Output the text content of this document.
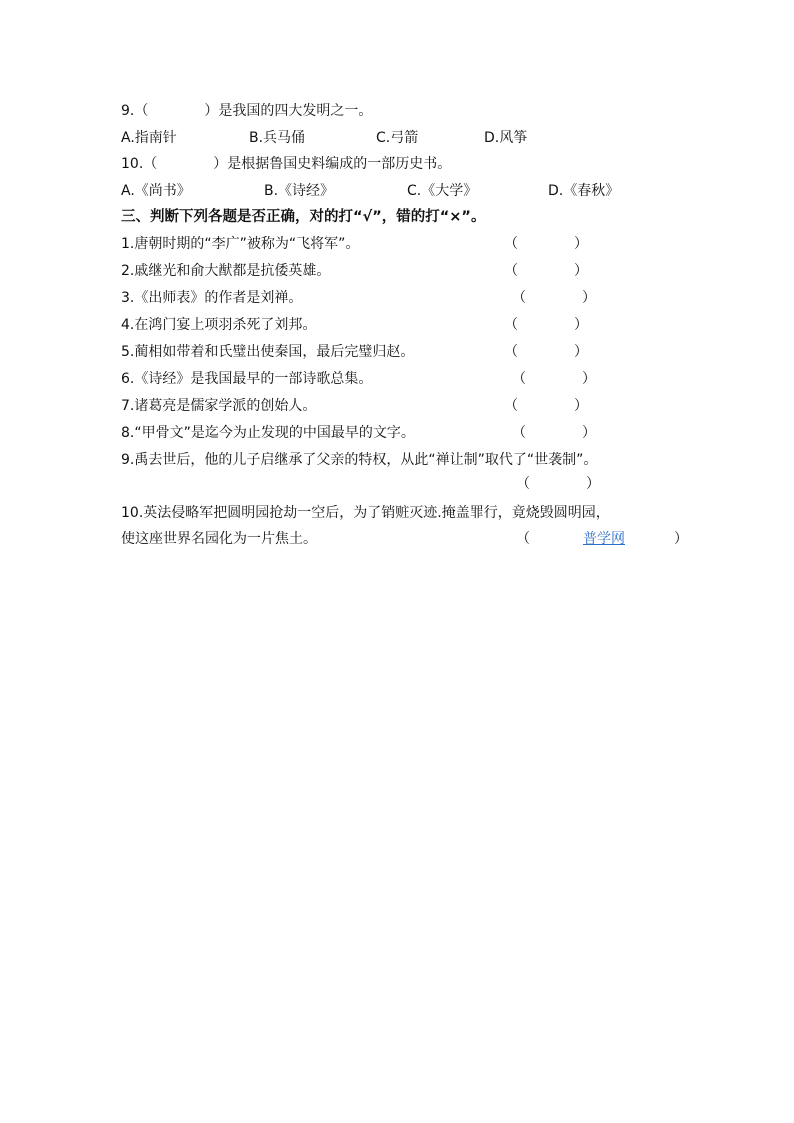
9.（　　　　）是我国的四大发明之一。
A.指南针	B.兵马俑	C.弓箭	D.风筝
10.（　　　　）是根据鲁国史料编成的一部历史书。
A.《尚书》	B.《诗经》	C.《大学》	D.《春秋》
三、判断下列各题是否正确，对的打“√”，错的打“×”。
1.唐朝时期的“李广”被称为“飞将军”。	（　　　　）
2.戚继光和俞大猷都是抗倭英雄。	（　　　　）
3.《出师表》的作者是刘禅。	（　　　　）
4.在鸿门宴上项羽杀死了刘邦。	（　　　　）
5.蔺相如带着和氏璧出使秦国，最后完璧归赵。	（　　　　）
6.《诗经》是我国最早的一部诗歌总集。	（　　　　）
7.诸葛亮是儒家学派的创始人。	（　　　　）
8.“甲骨文”是迄今为止发现的中国最早的文字。	（　　　　）
9.禹去世后，他的儿子启继承了父亲的特权，从此“禅让制”取代了“世袭制”。
（　　　　）
10.英法侵略军把圆明园抢劫一空后，为了销赃灭迹.掩盖罪行，竟烧毁圆明园，
使这座世界名园化为一片焦土。	（	普学网	）
